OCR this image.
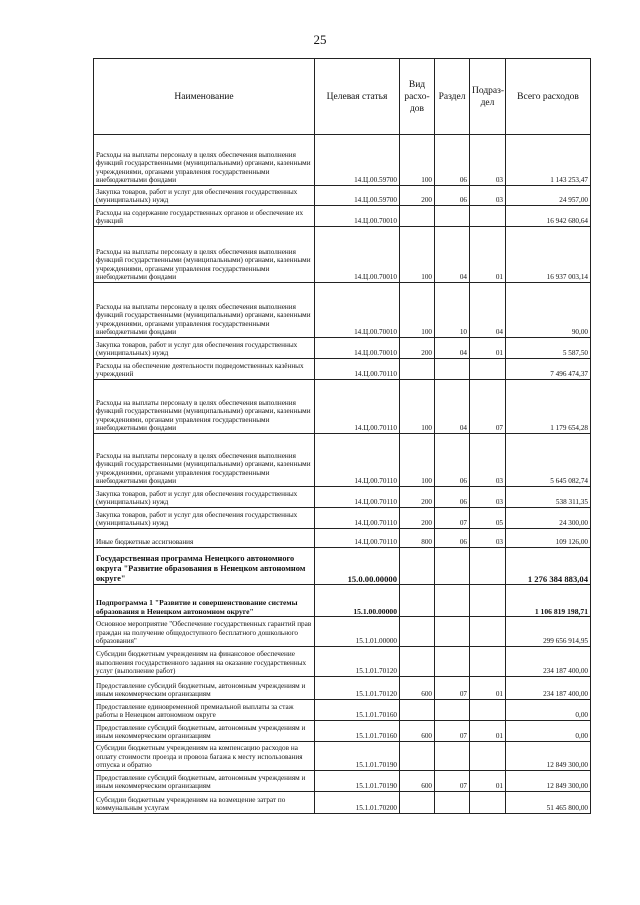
25
Наименование	Целевая статья	Вид расхо-дов	Раздел	Подраз-дел	Всего расходов
Расходы на выплаты персоналу в целях обеспечения выполнения функций государственными (муниципальными) органами, казенными учреждениями, органами управления государственными внебюджетными фондами	14.Ц.00.59700	100	06	03	1 143 253,47
Закупка товаров, работ и услуг для обеспечения государственных (муниципальных) нужд	14.Ц.00.59700	200	06	03	24 957,00
Расходы на содержание государственных органов и обеспечение их функций	14.Ц.00.70010				16 942 680,64
Расходы на выплаты персоналу в целях обеспечения выполнения функций государственными (муниципальными) органами, казенными учреждениями, органами управления государственными внебюджетными фондами	14.Ц.00.70010	100	04	01	16 937 003,14
Расходы на выплаты персоналу в целях обеспечения выполнения функций государственными (муниципальными) органами, казенными учреждениями, органами управления государственными внебюджетными фондами	14.Ц.00.70010	100	10	04	90,00
Закупка товаров, работ и услуг для обеспечения государственных (муниципальных) нужд	14.Ц.00.70010	200	04	01	5 587,50
Расходы на обеспечение деятельности подведомственных казённых учреждений	14.Ц.00.70110				7 496 474,37
Расходы на выплаты персоналу в целях обеспечения выполнения функций государственными (муниципальными) органами, казенными учреждениями, органами управления государственными внебюджетными фондами	14.Ц.00.70110	100	04	07	1 179 654,28
Расходы на выплаты персоналу в целях обеспечения выполнения функций государственными (муниципальными) органами, казенными учреждениями, органами управления государственными внебюджетными фондами	14.Ц.00.70110	100	06	03	5 645 082,74
Закупка товаров, работ и услуг для обеспечения государственных (муниципальных) нужд	14.Ц.00.70110	200	06	03	538 311,35
Закупка товаров, работ и услуг для обеспечения государственных (муниципальных) нужд	14.Ц.00.70110	200	07	05	24 300,00
Иные бюджетные ассигнования	14.Ц.00.70110	800	06	03	109 126,00
Государственная программа Ненецкого автономного округа "Развитие образования в Ненецком автономном округе"	15.0.00.00000				1 276 384 883,04
Подпрограмма 1 "Развитие и совершенствование системы образования в Ненецком автономном округе"	15.1.00.00000				1 106 819 198,71
Основное мероприятие "Обеспечение государственных гарантий прав граждан на получение общедоступного бесплатного дошкольного образования"	15.1.01.00000				299 656 914,95
Субсидии бюджетным учреждениям на финансовое обеспечение выполнения государственного задания на оказание государственных услуг (выполнение работ)	15.1.01.70120				234 187 400,00
Предоставление субсидий бюджетным, автономным учреждениям и иным некоммерческим организациям	15.1.01.70120	600	07	01	234 187 400,00
Предоставление единовременной премиальной выплаты за стаж работы в Ненецком автономном округе	15.1.01.70160				0,00
Предоставление субсидий бюджетным, автономным учреждениям и иным некоммерческим организациям	15.1.01.70160	600	07	01	0,00
Субсидии бюджетным учреждениям на компенсацию расходов на оплату стоимости проезда и провоза багажа к месту использования отпуска и обратно	15.1.01.70190				12 849 300,00
Предоставление субсидий бюджетным, автономным учреждениям и иным некоммерческим организациям	15.1.01.70190	600	07	01	12 849 300,00
Субсидии бюджетным учреждениям на возмещение затрат по коммунальным услугам	15.1.01.70200				51 465 800,00
